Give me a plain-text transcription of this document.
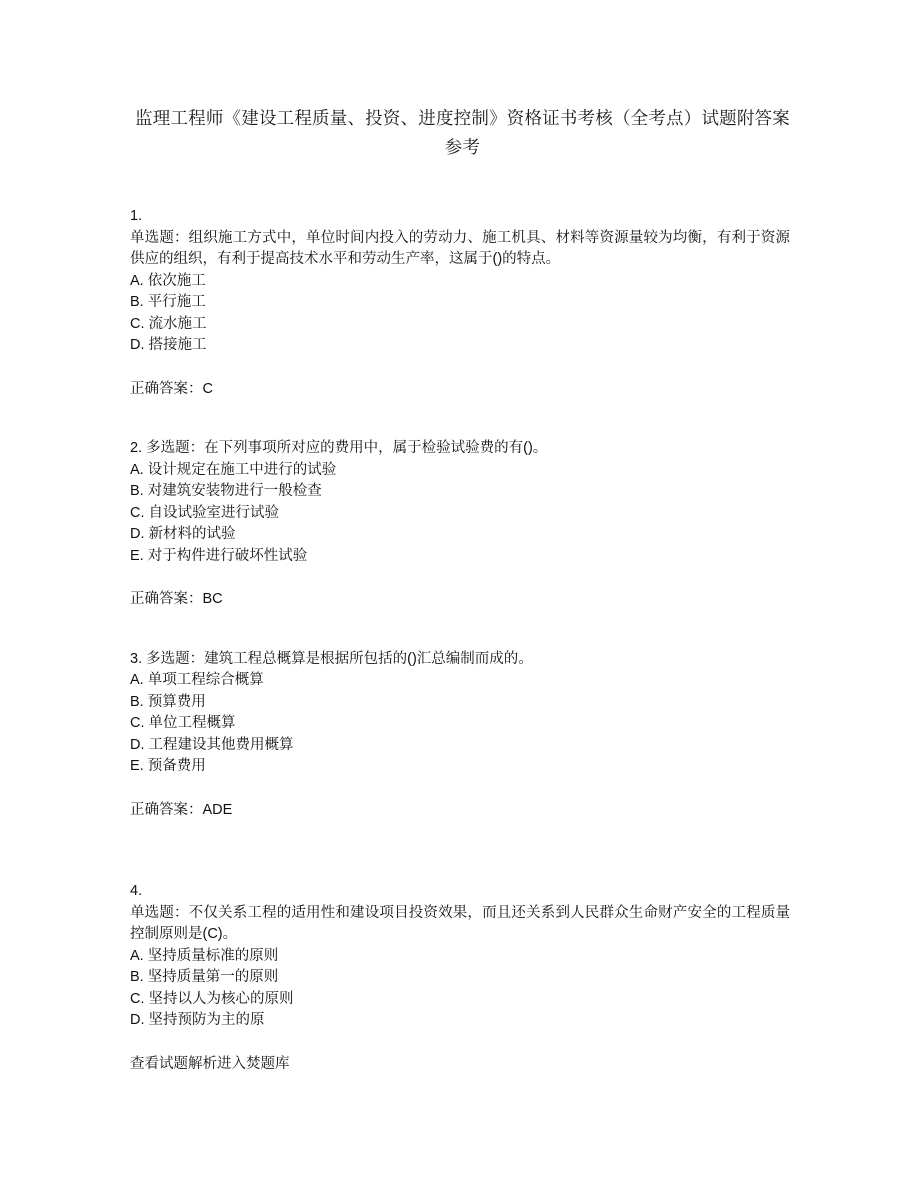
监理工程师《建设工程质量、投资、进度控制》资格证书考核（全考点）试题附答案参考
1.

单选题：组织施工方式中，单位时间内投入的劳动力、施工机具、材料等资源量较为均衡，有利于资源供应的组织，有利于提高技术水平和劳动生产率，这属于()的特点。

A. 依次施工
B. 平行施工
C. 流水施工
D. 搭接施工
正确答案：C

2. 多选题：在下列事项所对应的费用中，属于检验试验费的有()。

A. 设计规定在施工中进行的试验
B. 对建筑安装物进行一般检查
C. 自设试验室进行试验
D. 新材料的试验
E. 对于构件进行破坏性试验
正确答案：BC

3. 多选题：建筑工程总概算是根据所包括的()汇总编制而成的。

A. 单项工程综合概算
B. 预算费用
C. 单位工程概算
D. 工程建设其他费用概算
E. 预备费用
正确答案：ADE
4.

单选题：不仅关系工程的适用性和建设项目投资效果，而且还关系到人民群众生命财产安全的工程质量控制原则是(C)。

A. 坚持质量标准的原则
B. 坚持质量第一的原则
C. 坚持以人为核心的原则
D. 坚持预防为主的原
查看试题解析进入焚题库
